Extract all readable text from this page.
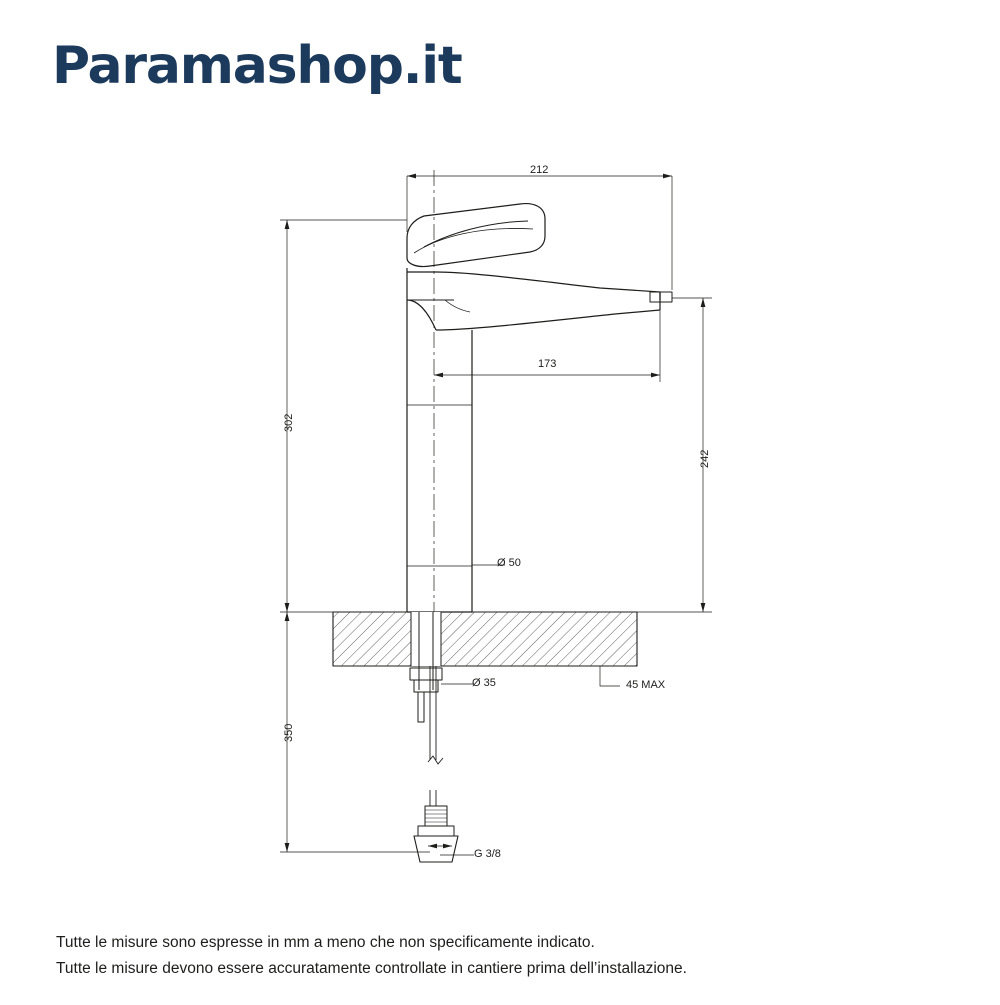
Paramashop.it
212
173
302
242
Ø 50
Ø 35	45 MAX
350
G 3/8
Tutte le misure sono espresse in mm a meno che non specificamente indicato.
Tutte le misure devono essere accuratamente controllate in cantiere prima dell’installazione.
